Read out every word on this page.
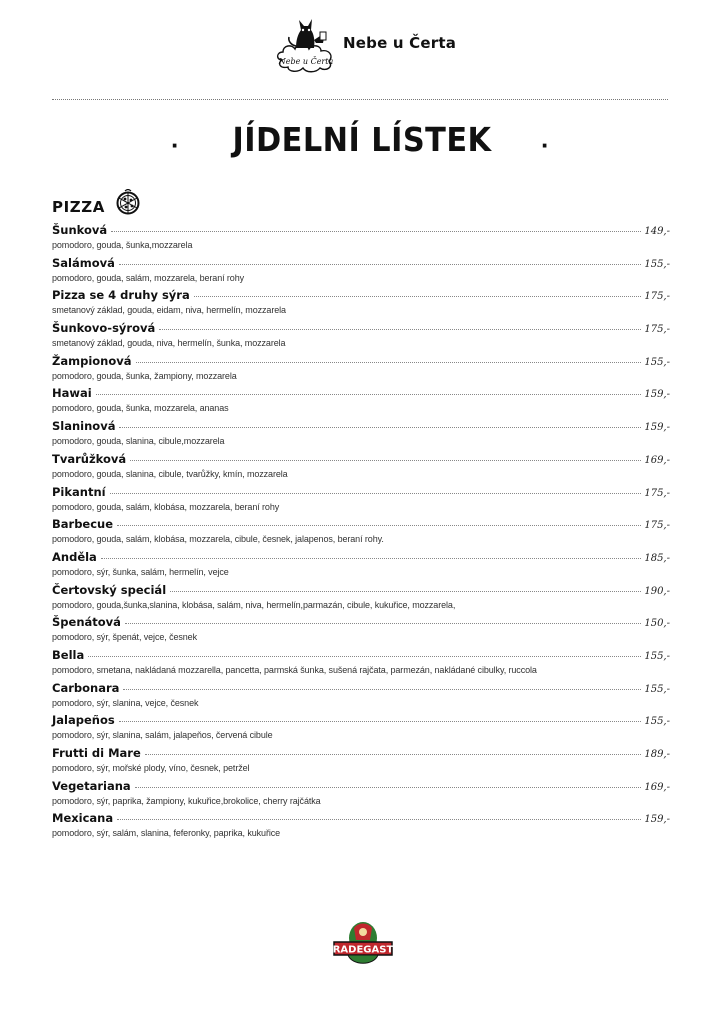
Nebe u Čerta
Nebe u Čerta
·	JÍDELNÍ LÍSTEK	·
PIZZA
Šunková	149,-
pomodoro, gouda, šunka,mozzarela
Salámová	155,-
pomodoro, gouda, salám, mozzarela, beraní rohy
Pizza se 4 druhy sýra	175,-
smetanový základ, gouda, eidam, niva, hermelín, mozzarela
Šunkovo-sýrová	175,-
smetanový základ, gouda, niva, hermelín, šunka, mozzarela
Žampionová	155,-
pomodoro, gouda, šunka, žampiony, mozzarela
Hawai	159,-
pomodoro, gouda, šunka, mozzarela, ananas
Slaninová	159,-
pomodoro, gouda, slanina, cibule,mozzarela
Tvarůžková	169,-
pomodoro, gouda, slanina, cibule, tvarůžky, kmín, mozzarela
Pikantní	175,-
pomodoro, gouda, salám, klobása, mozzarela, beraní rohy
Barbecue	175,-
pomodoro, gouda, salám, klobása, mozzarela, cibule, česnek, jalapenos, beraní rohy.
Anděla	185,-
pomodoro, sýr, šunka, salám, hermelín, vejce
Čertovský speciál	190,-
pomodoro, gouda,šunka,slanina, klobása, salám, niva, hermelín,parmazán, cibule, kukuřice, mozzarela,
Špenátová	150,-
pomodoro, sýr, špenát, vejce, česnek
Bella	155,-
pomodoro, smetana, nakládaná mozzarella, pancetta, parmská šunka, sušená rajčata, parmezán, nakládané cibulky, ruccola
Carbonara	155,-
pomodoro, sýr, slanina, vejce, česnek
Jalapeños	155,-
pomodoro, sýr, slanina, salám, jalapeňos, červená cibule
Frutti di Mare	189,-
pomodoro, sýr, mořské plody, víno, česnek, petržel
Vegetariana	169,-
pomodoro, sýr, paprika, žampiony, kukuřice,brokolice, cherry rajčátka
Mexicana	159,-
pomodoro, sýr, salám, slanina, feferonky, paprika, kukuřice
RADEGAST
